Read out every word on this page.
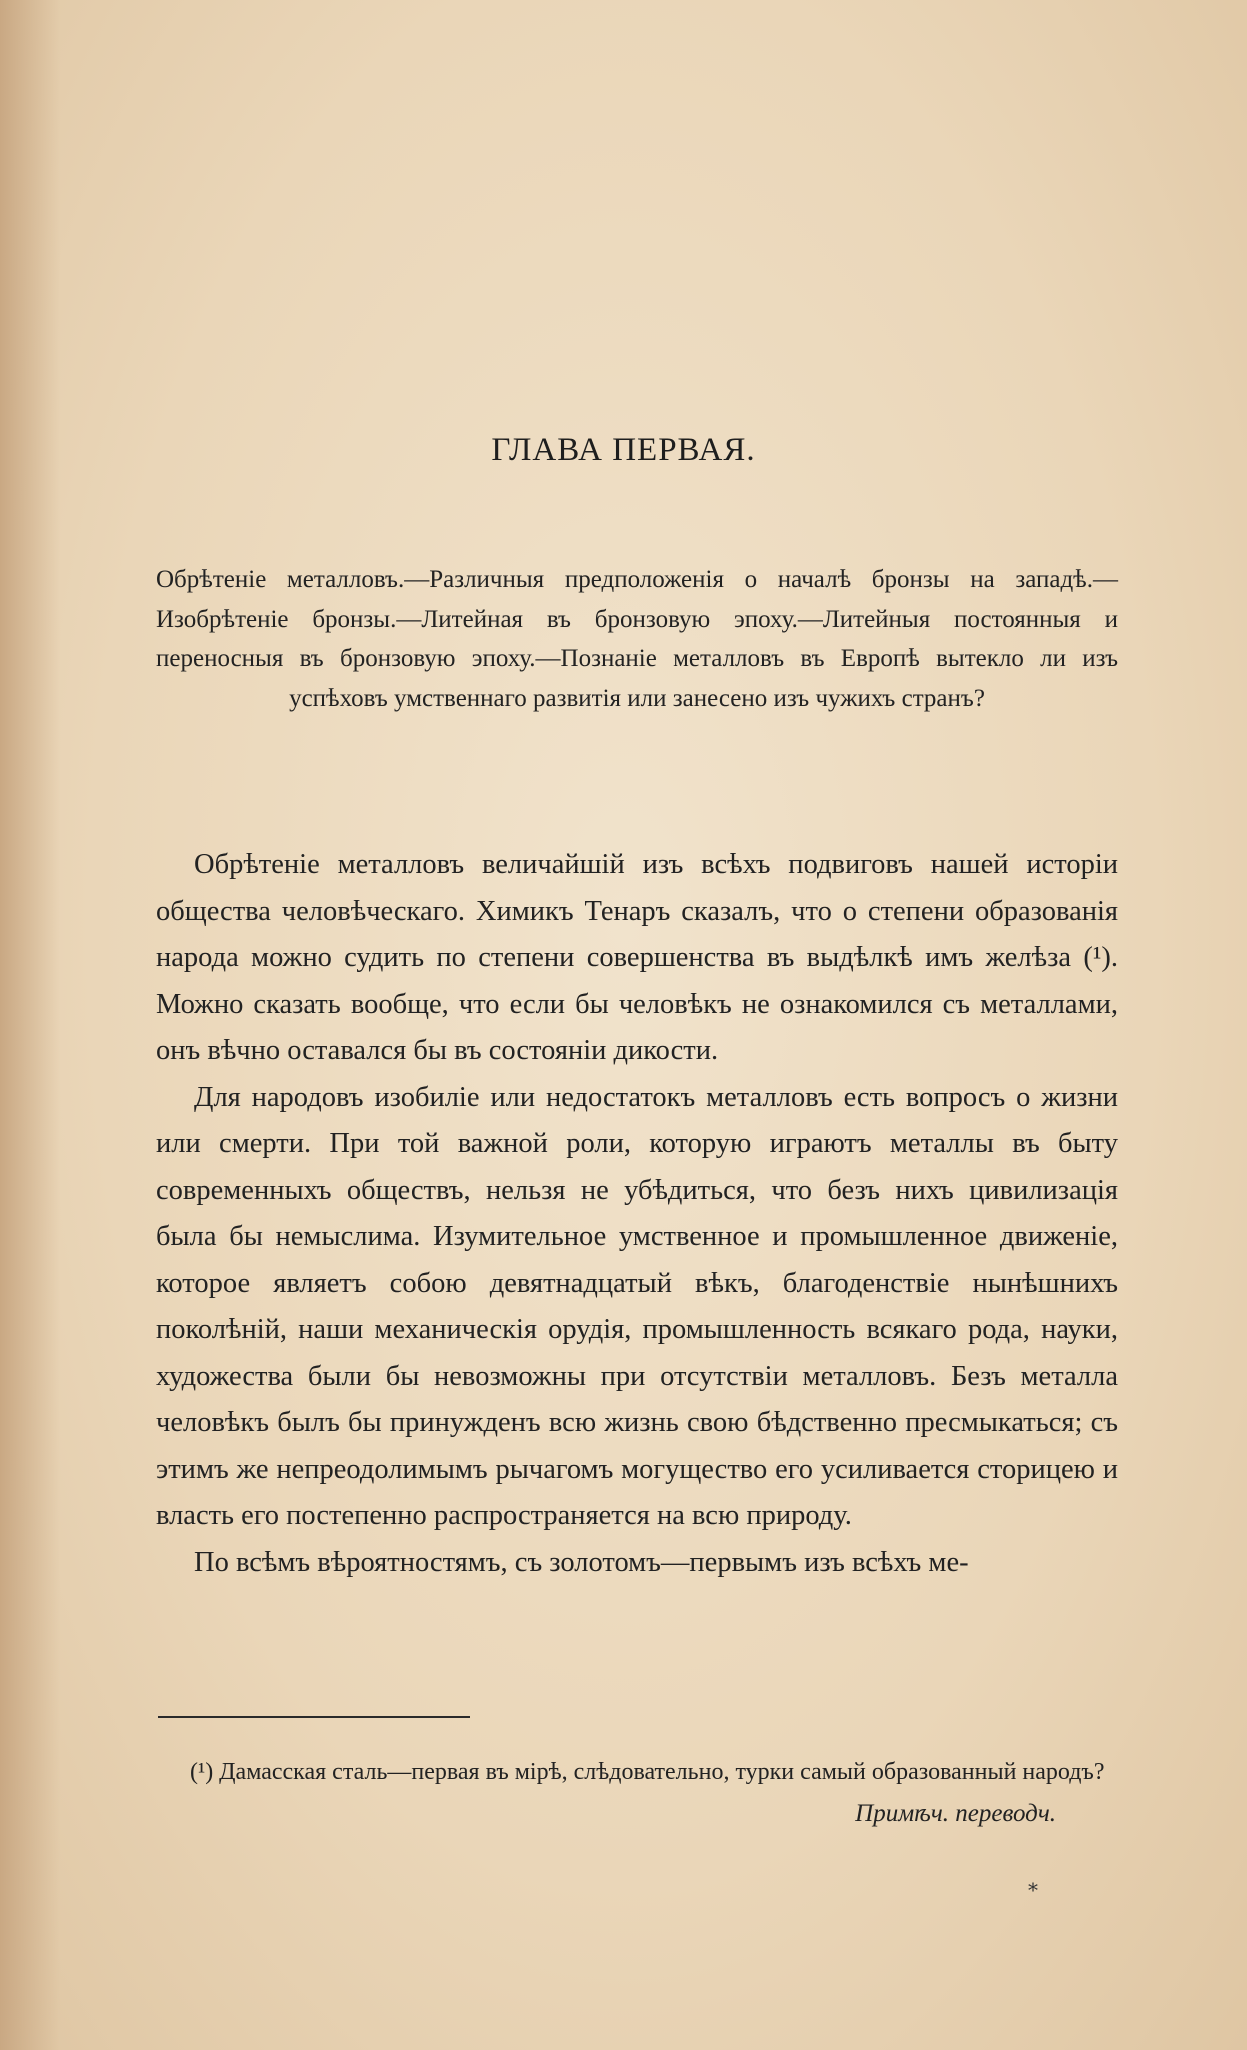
ГЛАВА ПЕРВАЯ.

Обрѣтеніе металловъ.—Различныя предположенія о началѣ бронзы на западѣ.—Изобрѣтеніе бронзы.—Литейная въ бронзовую эпоху.—Литейныя постоянныя и переносныя въ бронзовую эпоху.—Познаніе металловъ въ Европѣ вытекло ли изъ успѣховъ умственнаго развитія или занесено изъ чужихъ странъ?

Обрѣтеніе металловъ величайшій изъ всѣхъ подвиговъ нашей исторіи общества человѣческаго. Химикъ Тенаръ сказалъ, что о степени образованія народа можно судить по степени совершенства въ выдѣлкѣ имъ желѣза (¹). Можно сказать вообще, что если бы человѣкъ не ознакомился съ металлами, онъ вѣчно оставался бы въ состояніи дикости.

Для народовъ изобиліе или недостатокъ металловъ есть вопросъ о жизни или смерти. При той важной роли, которую играютъ металлы въ быту современныхъ обществъ, нельзя не убѣдиться, что безъ нихъ цивилизація была бы немыслима. Изумительное умственное и промышленное движеніе, которое являетъ собою девятнадцатый вѣкъ, благоденствіе нынѣшнихъ поколѣній, наши механическія орудія, промышленность всякаго рода, науки, художества были бы невозможны при отсутствіи металловъ. Безъ металла человѣкъ былъ бы принужденъ всю жизнь свою бѣдственно пресмыкаться; съ этимъ же непреодолимымъ рычагомъ могущество его усиливается сторицею и власть его постепенно распространяется на всю природу.

По всѣмъ вѣроятностямъ, съ золотомъ—первымъ изъ всѣхъ ме-

(¹) Дамасская сталь—первая въ мірѣ, слѣдовательно, турки самый образованный народъ?

Примѣч. переводч.

*
